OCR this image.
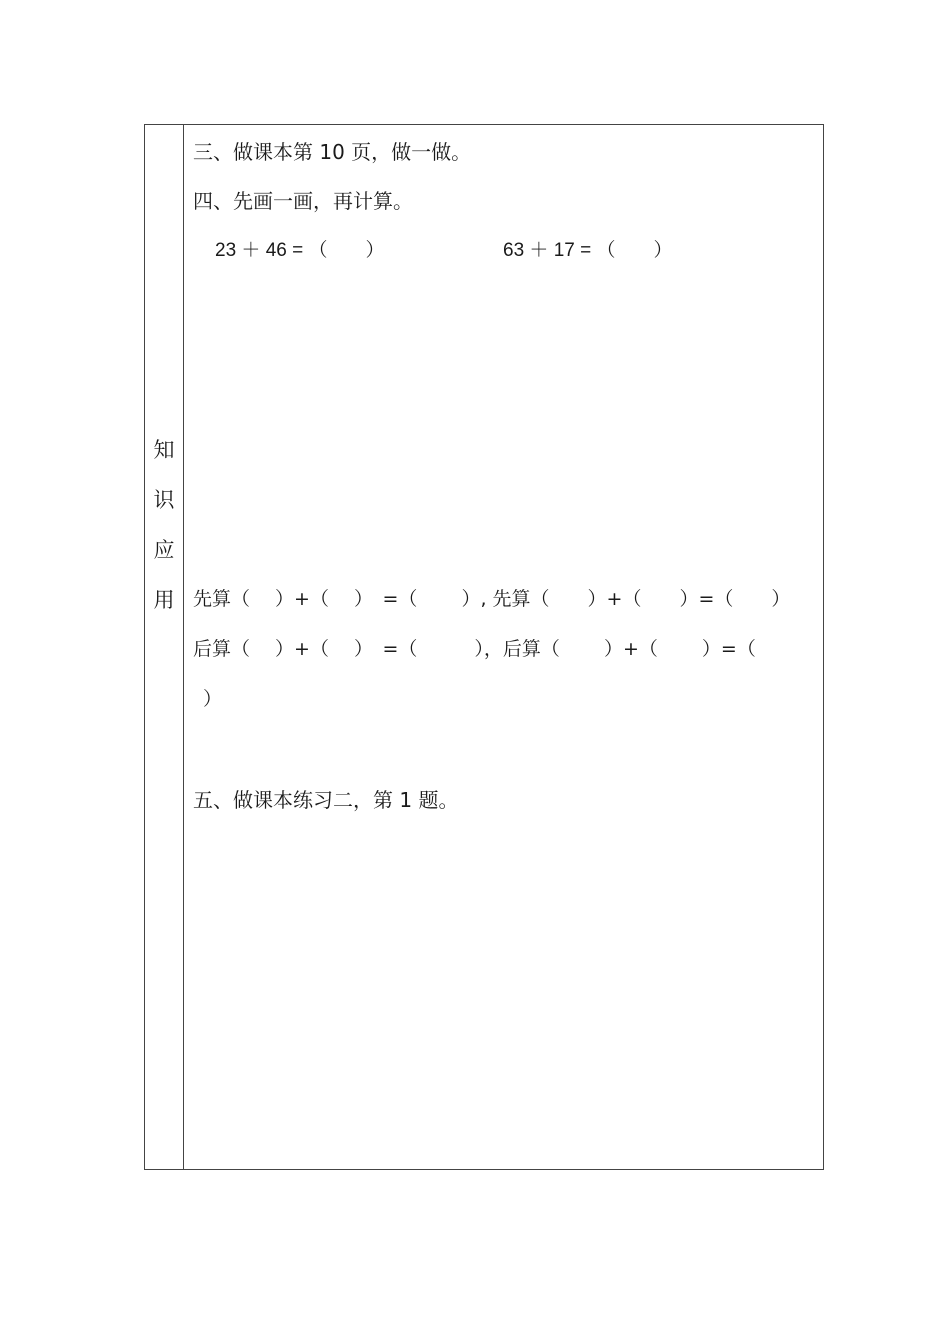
知
识
应
用
三、做课本第 10 页，做一做。
四、先画一画，再计算。
23 ＋ 46 = （　　）	63 ＋ 17 = （　　）
先算（　 ）+（　 ）　=（　　 ）, 先算（　　）+（　　）=（　　）
后算（　 ）+（　 ）　=（　　　），后算（　　 ）+（　　 ）=（
）
五、做课本练习二，第 1 题。
